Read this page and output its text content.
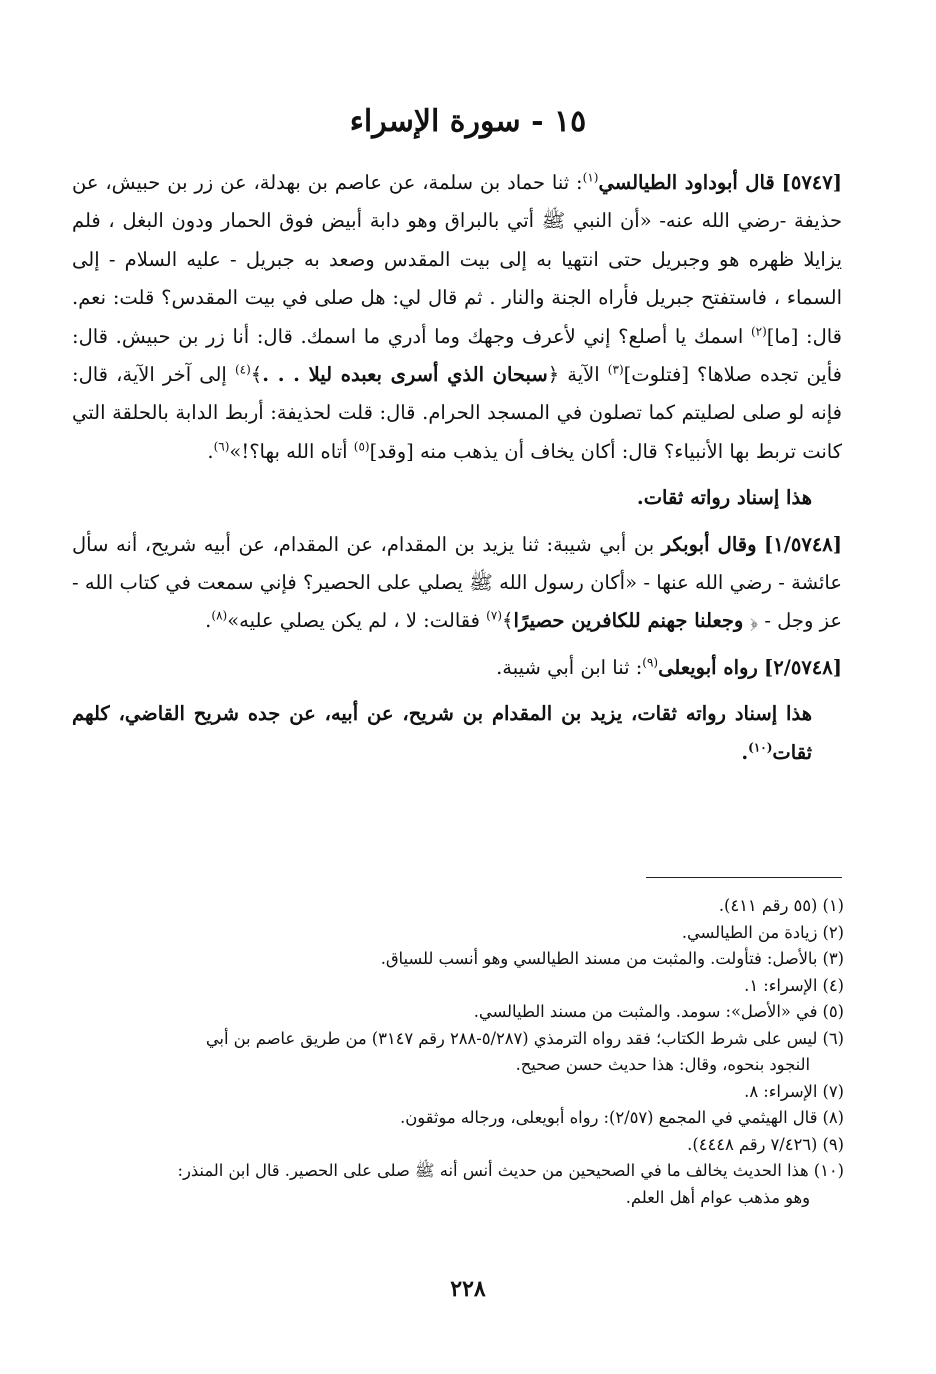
١٥ - سورة الإسراء

[٥٧٤٧] قال أبوداود الطيالسي$^{(١)}$: ثنا حماد بن سلمة، عن عاصم بن بهدلة، عن زر بن حبيش، عن حذيفة -رضي الله عنه- «أن النبي ﷺ أتي بالبراق وهو دابة أبيض فوق الحمار ودون البغل ، فلم يزايلا ظهره هو وجبريل حتى انتهيا به إلى بيت المقدس وصعد به جبريل - عليه السلام - إلى السماء ، فاستفتح جبريل فأراه الجنة والنار . ثم قال لي: هل صلى في بيت المقدس؟ قلت: نعم. قال: [ما]$^{(٢)}$ اسمك يا أصلع؟ إني لأعرف وجهك وما أدري ما اسمك. قال: أنا زر بن حبيش. قال: فأين تجده صلاها؟ [فتلوت]$^{(٣)}$ الآية ﴿سبحان الذي أسرى بعبده ليلا . . .﴾$^{(٤)}$ إلى آخر الآية، قال: فإنه لو صلى لصليتم كما تصلون في المسجد الحرام. قال: قلت لحذيفة: أربط الدابة بالحلقة التي كانت تربط بها الأنبياء؟ قال: أكان يخاف أن يذهب منه [وقد]$^{(٥)}$ أتاه الله بها؟!»$^{(٦)}$.

هذا إسناد رواته ثقات.

[١/٥٧٤٨] وقال أبوبكر بن أبي شيبة: ثنا يزيد بن المقدام، عن المقدام، عن أبيه شريح، أنه سأل عائشة - رضي الله عنها - «أكان رسول الله ﷺ يصلي على الحصير؟ فإني سمعت في كتاب الله - عز وجل - ﴿ وجعلنا جهنم للكافرين حصيرًا﴾$^{(٧)}$ فقالت: لا ، لم يكن يصلي عليه»$^{(٨)}$.

[٢/٥٧٤٨] رواه أبويعلى$^{(٩)}$: ثنا ابن أبي شيبة.

هذا إسناد رواته ثقات، يزيد بن المقدام بن شريح، عن أبيه، عن جده شريح القاضي، كلهم ثقات$^{(١٠)}$.

(١) (٥٥ رقم ٤١١).

(٢) زيادة من الطيالسي.

(٣) بالأصل: فتأولت. والمثبت من مسند الطيالسي وهو أنسب للسياق.

(٤) الإسراء: ١.

(٥) في «الأصل»: سومد. والمثبت من مسند الطيالسي.

(٦) ليس على شرط الكتاب؛ فقد رواه الترمذي (٥/٢٨٧-٢٨٨ رقم ٣١٤٧) من طريق عاصم بن أبي

النجود بنحوه، وقال: هذا حديث حسن صحيح.

(٧) الإسراء: ٨.

(٨) قال الهيثمي في المجمع (٢/٥٧): رواه أبويعلى، ورجاله موثقون.

(٩) (٧/٤٢٦ رقم ٤٤٤٨).

(١٠) هذا الحديث يخالف ما في الصحيحين من حديث أنس أنه ﷺ صلى على الحصير. قال ابن المنذر:

وهو مذهب عوام أهل العلم.

٢٢٨
